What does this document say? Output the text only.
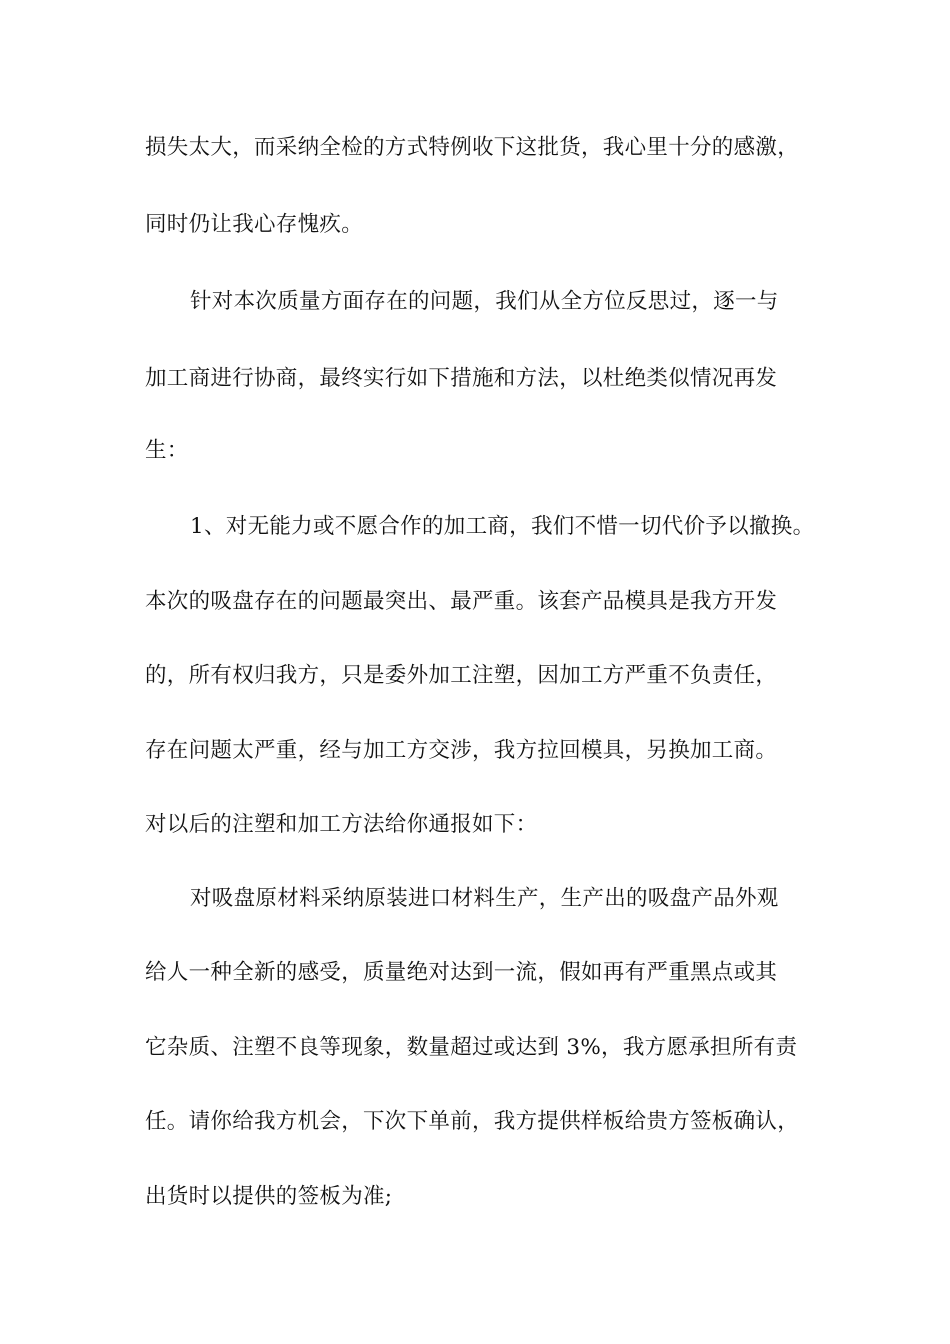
损失太大，而采纳全检的方式特例收下这批货，我心里十分的感激，
同时仍让我心存愧疚。
针对本次质量方面存在的问题，我们从全方位反思过，逐一与
加工商进行协商，最终实行如下措施和方法，以杜绝类似情况再发
生：
1、对无能力或不愿合作的加工商，我们不惜一切代价予以撤换。
本次的吸盘存在的问题最突出、最严重。该套产品模具是我方开发
的，所有权归我方，只是委外加工注塑，因加工方严重不负责任，
存在问题太严重，经与加工方交涉，我方拉回模具，另换加工商。
对以后的注塑和加工方法给你通报如下：
对吸盘原材料采纳原装进口材料生产，生产出的吸盘产品外观
给人一种全新的感受，质量绝对达到一流，假如再有严重黑点或其
它杂质、注塑不良等现象，数量超过或达到 3%，我方愿承担所有责
任。请你给我方机会，下次下单前，我方提供样板给贵方签板确认，
出货时以提供的签板为准;
